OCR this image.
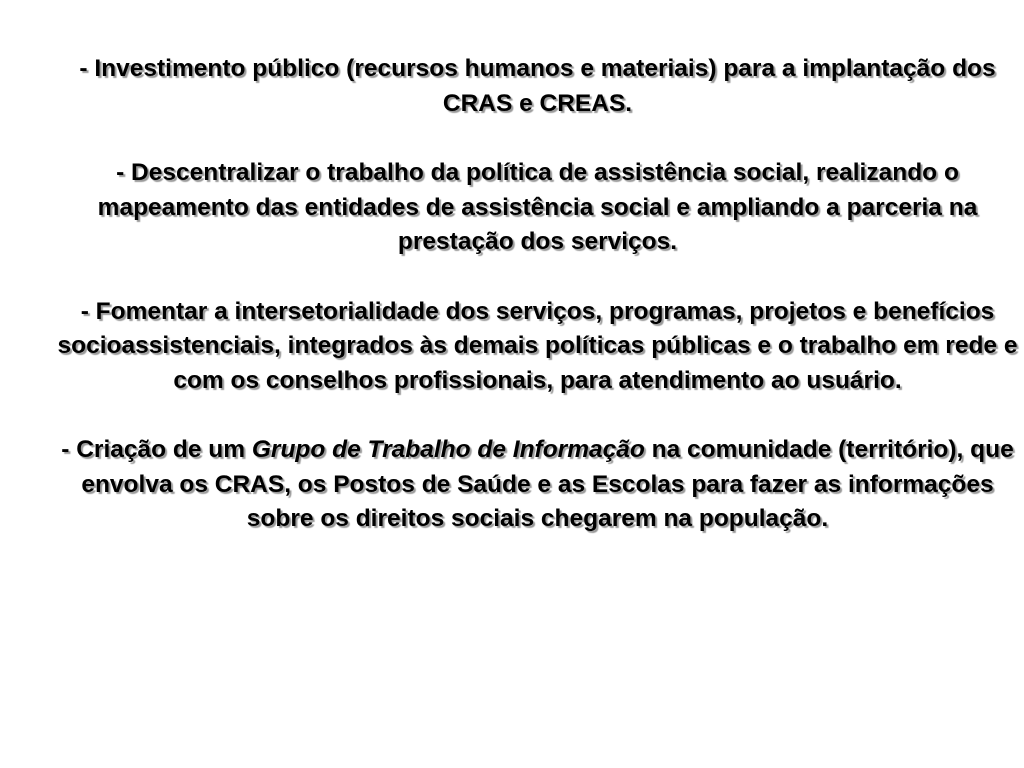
- Investimento público (recursos humanos e materiais) para a implantação dos CRAS e CREAS.

- Descentralizar o trabalho da política de assistência social, realizando o mapeamento das entidades de assistência social e ampliando a parceria na prestação dos serviços.

- Fomentar a intersetorialidade dos serviços, programas, projetos e benefícios socioassistenciais, integrados às demais políticas públicas e o trabalho em rede e com os conselhos profissionais, para atendimento ao usuário.

- Criação de um Grupo de Trabalho de Informação na comunidade (território), que envolva os CRAS, os Postos de Saúde e as Escolas para fazer as informações sobre os direitos sociais chegarem na população.
